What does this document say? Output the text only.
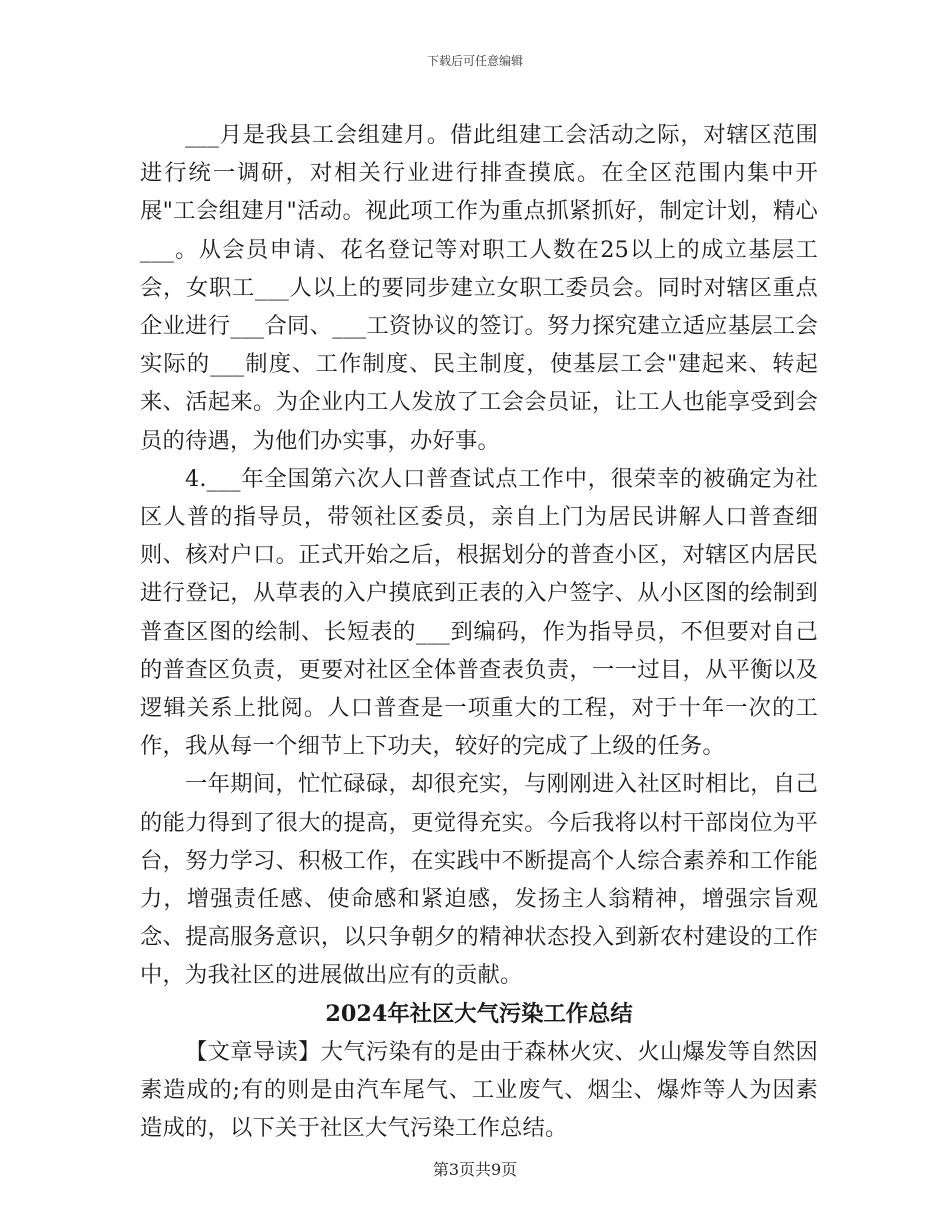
下载后可任意编辑

___月是我县工会组建月。借此组建工会活动之际，对辖区范围进行统一调研，对相关行业进行排查摸底。在全区范围内集中开展"工会组建月"活动。视此项工作为重点抓紧抓好，制定计划，精心___。从会员申请、花名登记等对职工人数在25以上的成立基层工会，女职工___人以上的要同步建立女职工委员会。同时对辖区重点企业进行___合同、___工资协议的签订。努力探究建立适应基层工会实际的___制度、工作制度、民主制度，使基层工会"建起来、转起来、活起来。为企业内工人发放了工会会员证，让工人也能享受到会员的待遇，为他们办实事，办好事。

4.___年全国第六次人口普查试点工作中，很荣幸的被确定为社区人普的指导员，带领社区委员，亲自上门为居民讲解人口普查细则、核对户口。正式开始之后，根据划分的普查小区，对辖区内居民进行登记，从草表的入户摸底到正表的入户签字、从小区图的绘制到普查区图的绘制、长短表的___到编码，作为指导员，不但要对自己的普查区负责，更要对社区全体普查表负责，一一过目，从平衡以及逻辑关系上批阅。人口普查是一项重大的工程，对于十年一次的工作，我从每一个细节上下功夫，较好的完成了上级的任务。

一年期间，忙忙碌碌，却很充实，与刚刚进入社区时相比，自己的能力得到了很大的提高，更觉得充实。今后我将以村干部岗位为平台，努力学习、积极工作，在实践中不断提高个人综合素养和工作能力，增强责任感、使命感和紧迫感，发扬主人翁精神，增强宗旨观念、提高服务意识，以只争朝夕的精神状态投入到新农村建设的工作中，为我社区的进展做出应有的贡献。

2024年社区大气污染工作总结

【文章导读】大气污染有的是由于森林火灾、火山爆发等自然因素造成的;有的则是由汽车尾气、工业废气、烟尘、爆炸等人为因素造成的，以下关于社区大气污染工作总结。

第3页共9页
